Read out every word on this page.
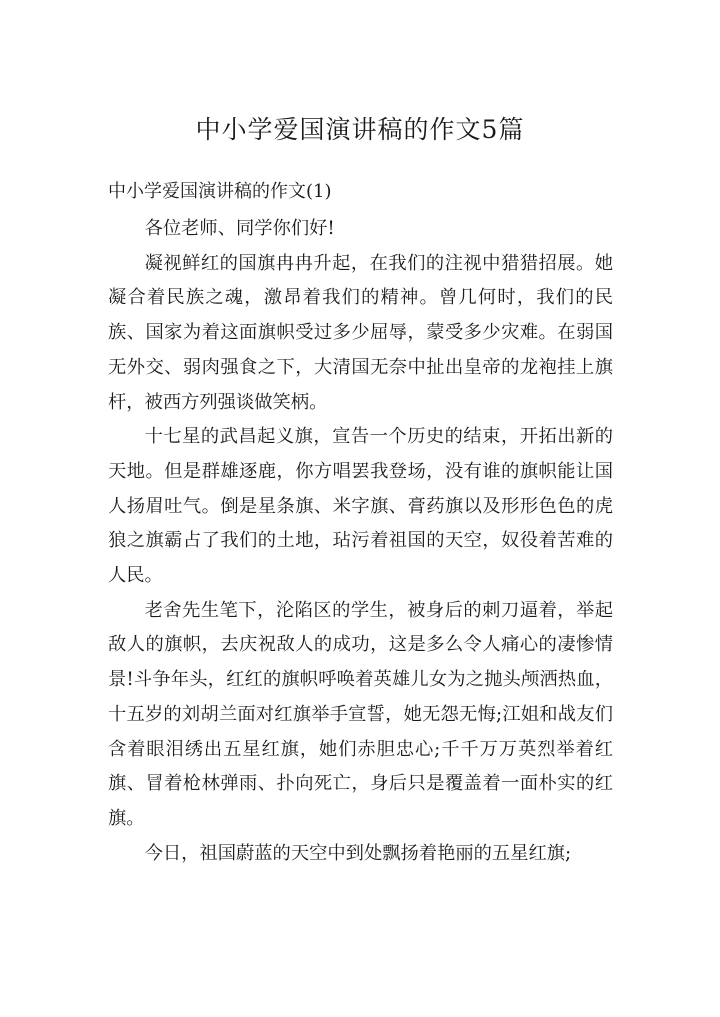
中小学爱国演讲稿的作文5篇
中小学爱国演讲稿的作文(1)

各位老师、同学你们好!

凝视鲜红的国旗冉冉升起，在我们的注视中猎猎招展。她凝合着民族之魂，激昂着我们的精神。曾几何时，我们的民族、国家为着这面旗帜受过多少屈辱，蒙受多少灾难。在弱国无外交、弱肉强食之下，大清国无奈中扯出皇帝的龙袍挂上旗杆，被西方列强谈做笑柄。

十七星的武昌起义旗，宣告一个历史的结束，开拓出新的天地。但是群雄逐鹿，你方唱罢我登场，没有谁的旗帜能让国人扬眉吐气。倒是星条旗、米字旗、膏药旗以及形形色色的虎狼之旗霸占了我们的土地，玷污着祖国的天空，奴役着苦难的人民。

老舍先生笔下，沦陷区的学生，被身后的刺刀逼着，举起敌人的旗帜，去庆祝敌人的成功，这是多么令人痛心的凄惨情景!斗争年头，红红的旗帜呼唤着英雄儿女为之抛头颅洒热血，十五岁的刘胡兰面对红旗举手宣誓，她无怨无悔;江姐和战友们含着眼泪绣出五星红旗，她们赤胆忠心;千千万万英烈举着红旗、冒着枪林弹雨、扑向死亡，身后只是覆盖着一面朴实的红旗。

今日，祖国蔚蓝的天空中到处飘扬着艳丽的五星红旗;
